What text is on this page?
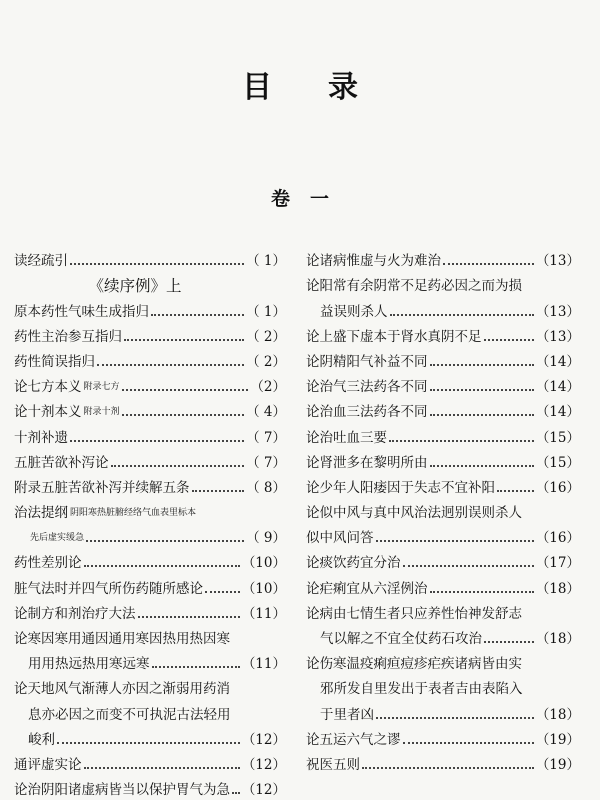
目录
卷一
读经疏引	（ 1）
《续序例》上
原本药性气味生成指归	（ 1）
药性主治参互指归	（ 2）
药性简误指归	（ 2）
论七方本义 附录七方	（2）
论十剂本义 附录十剂	（ 4）
十剂补遗	（ 7）
五脏苦欲补泻论	（ 7）
附录五脏苦欲补泻并续解五条	（ 8）
治法提纲 阴阳寒热脏腑经络气血表里标本
先后虚实缓急	（ 9）
药性差别论	（10）
脏气法时并四气所伤药随所感论	（10）
论制方和剂治疗大法	（11）
论寒因寒用通因通用寒因热用热因寒
用用热远热用寒远寒	（11）
论天地风气渐薄人亦因之渐弱用药消
息亦必因之而变不可执泥古法轻用
峻利	（12）
通评虚实论	（12）
论治阴阳诸虚病皆当以保护胃气为急 （12）
论诸病惟虚与火为难治	（13）
论阳常有余阴常不足药必因之而为损
益误则杀人	（13）
论上盛下虚本于肾水真阴不足	（13）
论阴精阳气补益不同	（14）
论治气三法药各不同	（14）
论治血三法药各不同	（14）
论治吐血三要	（15）
论肾泄多在黎明所由	（15）
论少年人阳痿因于失志不宜补阳	（16）
论似中风与真中风治法迥别误则杀人
似中风问答	（16）
论痰饮药宜分治	（17）
论疟痢宜从六淫例治	（18）
论病由七情生者只应养性怡神发舒志
气以解之不宜全仗药石攻治	（18）
论伤寒温疫痢疸痘疹疟疾诸病皆由实
邪所发自里发出于表者吉由表陷入
于里者凶	（18）
论五运六气之谬	（19）
祝医五则	（19）
